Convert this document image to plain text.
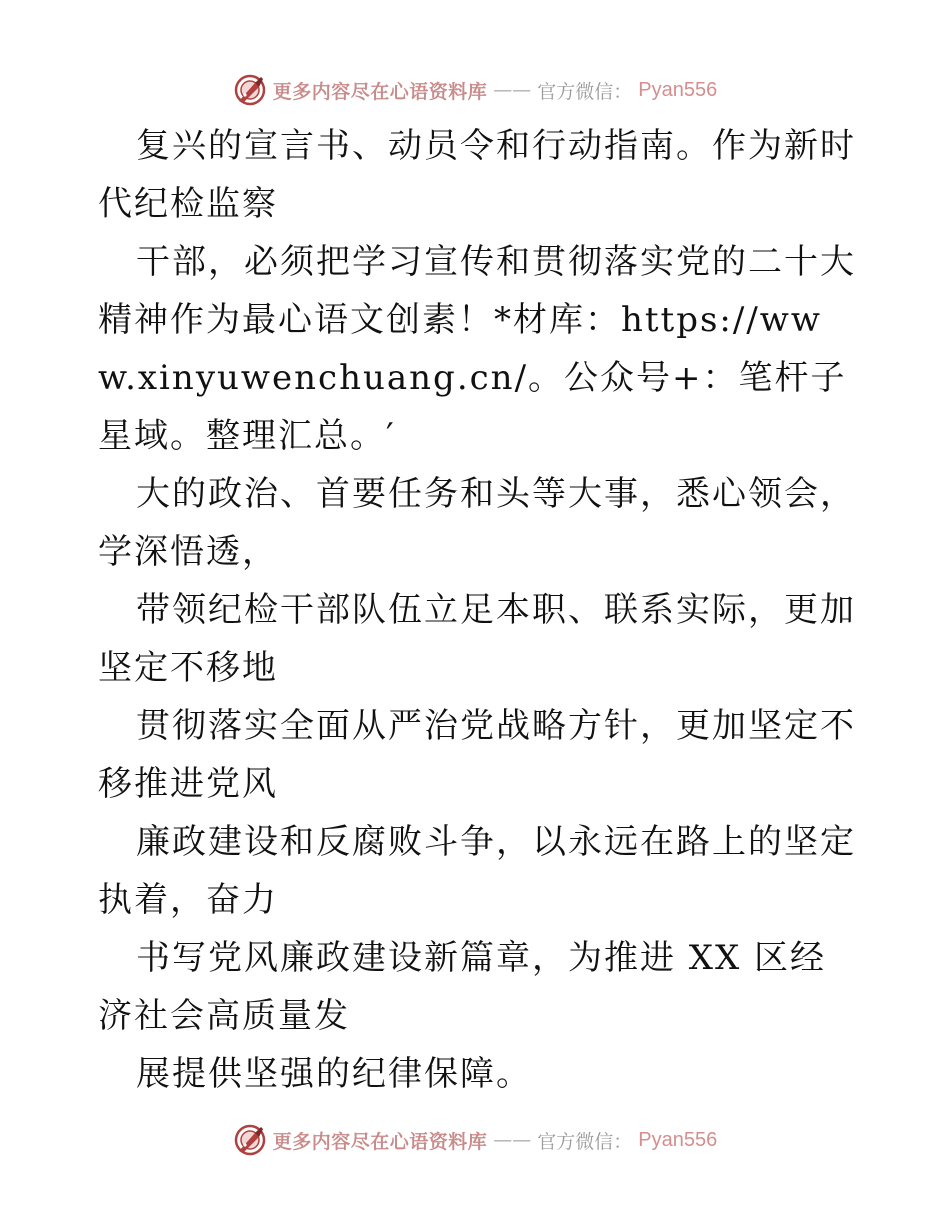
更多内容尽在心语资料库 —— 官方微信： Pyan556

复兴的宣言书、动员令和行动指南。作为新时代纪检监察

干部，必须把学习宣传和贯彻落实党的二十大精神作为最心语文创素！*材库：https://www.xinyuwenchuang.cn/。公众号+：笔杆子星域。整理汇总。′

大的政治、首要任务和头等大事，悉心领会，学深悟透，

带领纪检干部队伍立足本职、联系实际，更加坚定不移地

贯彻落实全面从严治党战略方针，更加坚定不移推进党风

廉政建设和反腐败斗争，以永远在路上的坚定执着，奋力

书写党风廉政建设新篇章，为推进 XX 区经济社会高质量发

展提供坚强的纪律保障。

更多内容尽在心语资料库 —— 官方微信： Pyan556
